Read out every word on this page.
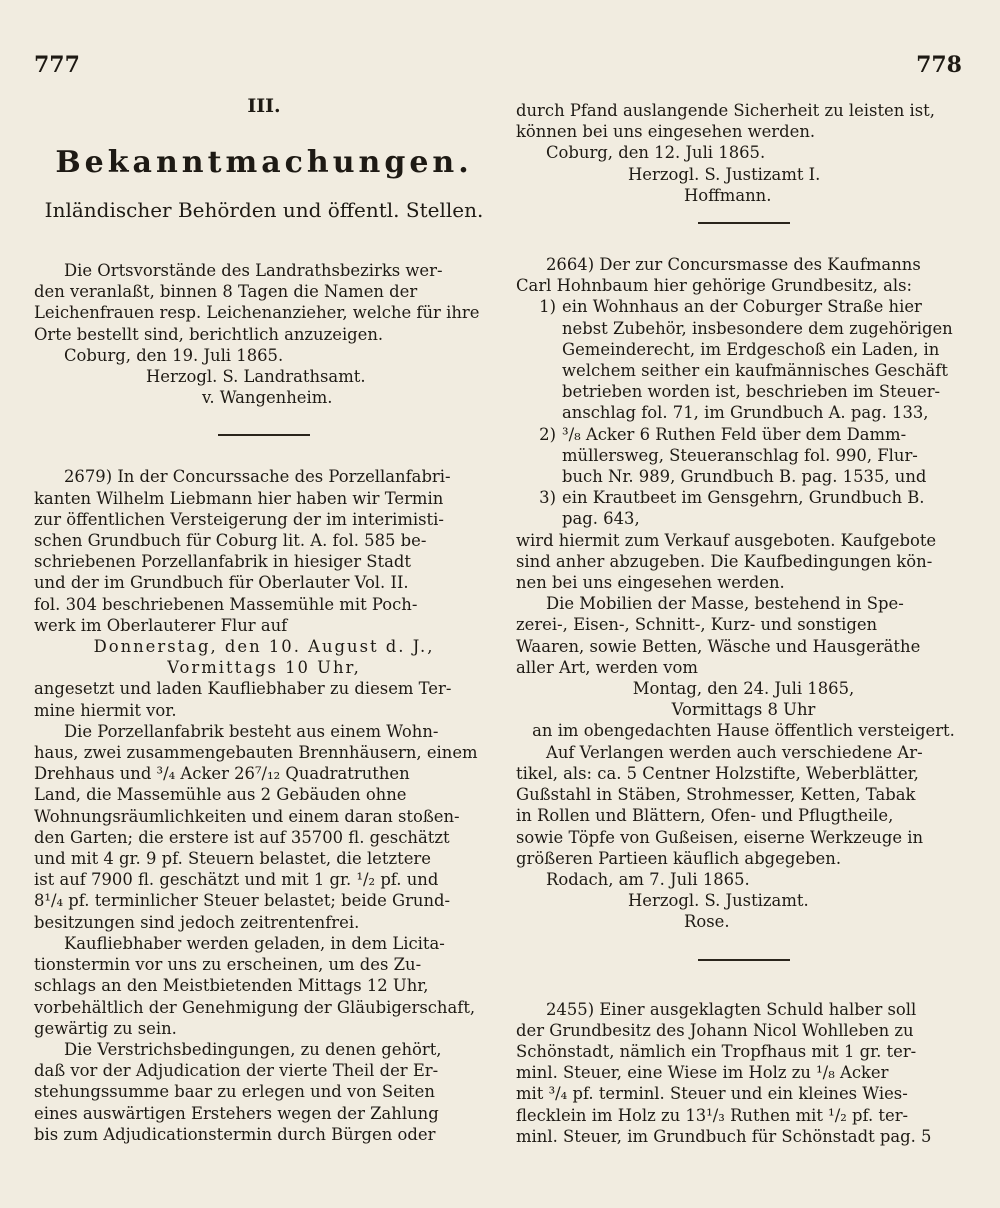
777	778
III.
Bekanntmachungen.
Inländischer Behörden und öffentl. Stellen.

Die Ortsvorstände des Landrathsbezirks wer-

den veranlaßt, binnen 8 Tagen die Namen der

Leichenfrauen resp. Leichenanzieher, welche für ihre

Orte bestellt sind, berichtlich anzuzeigen.

Coburg, den 19. Juli 1865.

Herzogl. S. Landrathsamt.

v. Wangenheim.

2679) In der Concurssache des Porzellanfabri-

kanten Wilhelm Liebmann hier haben wir Termin

zur öffentlichen Versteigerung der im interimisti-

schen Grundbuch für Coburg lit. A. fol. 585 be-

schriebenen Porzellanfabrik in hiesiger Stadt

und der im Grundbuch für Oberlauter Vol. II.

fol. 304 beschriebenen Massemühle mit Poch-

werk im Oberlauterer Flur auf

Donnerstag, den 10. August d. J.,

Vormittags 10 Uhr,

angesetzt und laden Kaufliebhaber zu diesem Ter-

mine hiermit vor.

Die Porzellanfabrik besteht aus einem Wohn-

haus, zwei zusammengebauten Brennhäusern, einem

Drehhaus und ³/₄ Acker 26⁷/₁₂ Quadratruthen

Land, die Massemühle aus 2 Gebäuden ohne

Wohnungsräumlichkeiten und einem daran stoßen-

den Garten; die erstere ist auf 35700 fl. geschätzt

und mit 4 gr. 9 pf. Steuern belastet, die letztere

ist auf 7900 fl. geschätzt und mit 1 gr. ¹/₂ pf. und

8¹/₄ pf. terminlicher Steuer belastet; beide Grund-

besitzungen sind jedoch zeitrentenfrei.

Kaufliebhaber werden geladen, in dem Licita-

tionstermin vor uns zu erscheinen, um des Zu-

schlags an den Meistbietenden Mittags 12 Uhr,

vorbehältlich der Genehmigung der Gläubigerschaft,

gewärtig zu sein.

Die Verstrichsbedingungen, zu denen gehört,

daß vor der Adjudication der vierte Theil der Er-

stehungssumme baar zu erlegen und von Seiten

eines auswärtigen Erstehers wegen der Zahlung

bis zum Adjudicationstermin durch Bürgen oder

durch Pfand auslangende Sicherheit zu leisten ist,

können bei uns eingesehen werden.

Coburg, den 12. Juli 1865.

Herzogl. S. Justizamt I.

Hoffmann.

2664) Der zur Concursmasse des Kaufmanns

Carl Hohnbaum hier gehörige Grundbesitz, als:

1) ein Wohnhaus an der Coburger Straße hier

nebst Zubehör, insbesondere dem zugehörigen

Gemeinderecht, im Erdgeschoß ein Laden, in

welchem seither ein kaufmännisches Geschäft

betrieben worden ist, beschrieben im Steuer-

anschlag fol. 71, im Grundbuch A. pag. 133,

2) ³/₈ Acker 6 Ruthen Feld über dem Damm-

müllersweg, Steueranschlag fol. 990, Flur-

buch Nr. 989, Grundbuch B. pag. 1535, und

3) ein Krautbeet im Gensgehrn, Grundbuch B.

pag. 643,

wird hiermit zum Verkauf ausgeboten. Kaufgebote

sind anher abzugeben. Die Kaufbedingungen kön-

nen bei uns eingesehen werden.

Die Mobilien der Masse, bestehend in Spe-

zerei-, Eisen-, Schnitt-, Kurz- und sonstigen

Waaren, sowie Betten, Wäsche und Hausgeräthe

aller Art, werden vom

Montag, den 24. Juli 1865,

Vormittags 8 Uhr

an im obengedachten Hause öffentlich versteigert.

Auf Verlangen werden auch verschiedene Ar-

tikel, als: ca. 5 Centner Holzstifte, Weberblätter,

Gußstahl in Stäben, Strohmesser, Ketten, Tabak

in Rollen und Blättern, Ofen- und Pflugtheile,

sowie Töpfe von Gußeisen, eiserne Werkzeuge in

größeren Partieen käuflich abgegeben.

Rodach, am 7. Juli 1865.

Herzogl. S. Justizamt.

Rose.

2455) Einer ausgeklagten Schuld halber soll

der Grundbesitz des Johann Nicol Wohlleben zu

Schönstadt, nämlich ein Tropfhaus mit 1 gr. ter-

minl. Steuer, eine Wiese im Holz zu ¹/₈ Acker

mit ³/₄ pf. terminl. Steuer und ein kleines Wies-

flecklein im Holz zu 13¹/₃ Ruthen mit ¹/₂ pf. ter-

minl. Steuer, im Grundbuch für Schönstadt pag. 5
